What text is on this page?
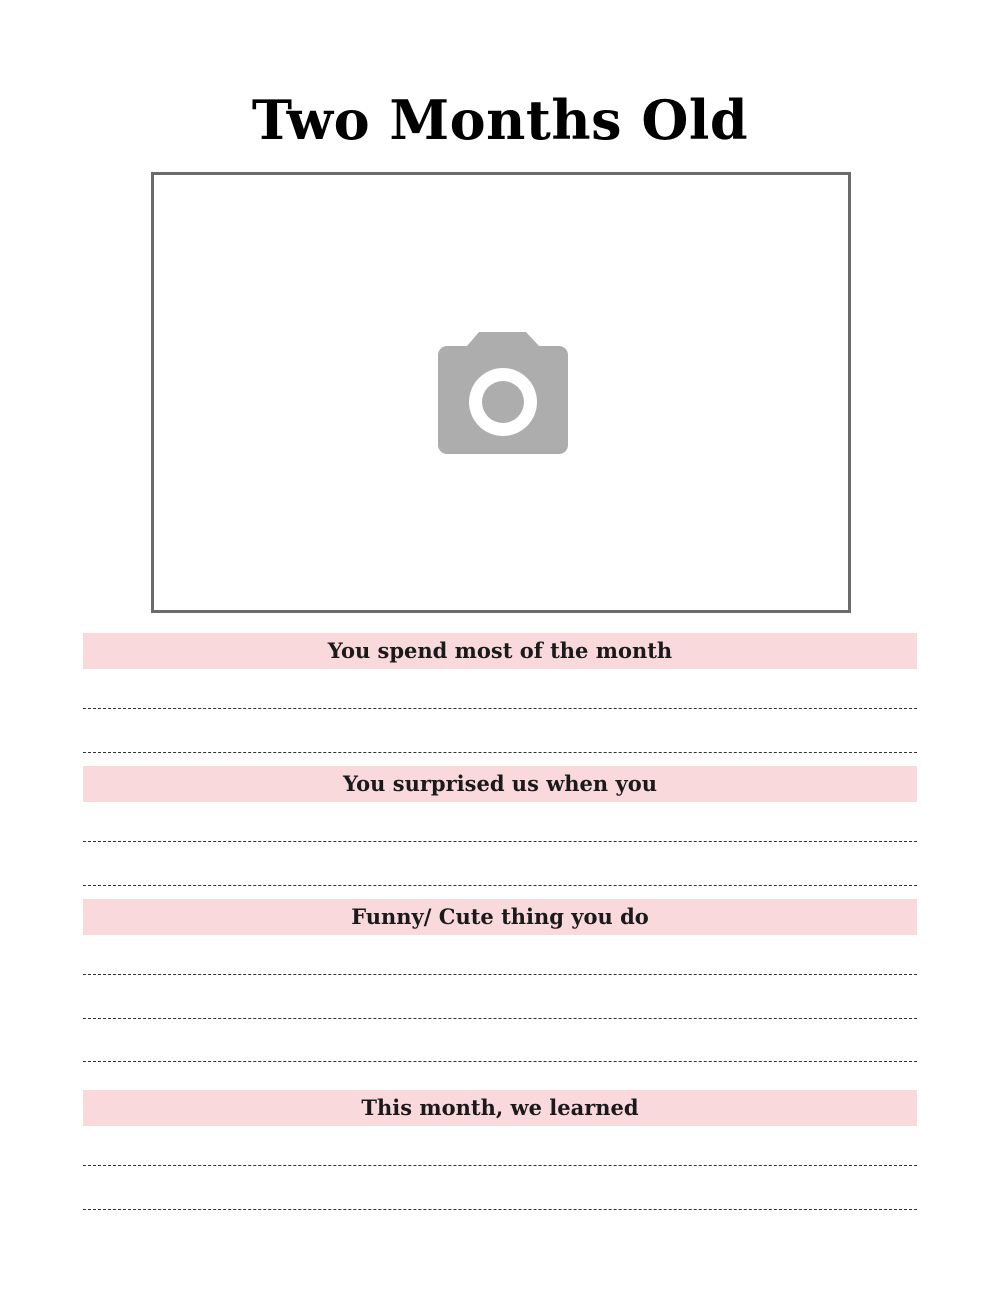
Two Months Old
You spend most of the month
You surprised us when you
Funny/ Cute thing you do
This month, we learned
